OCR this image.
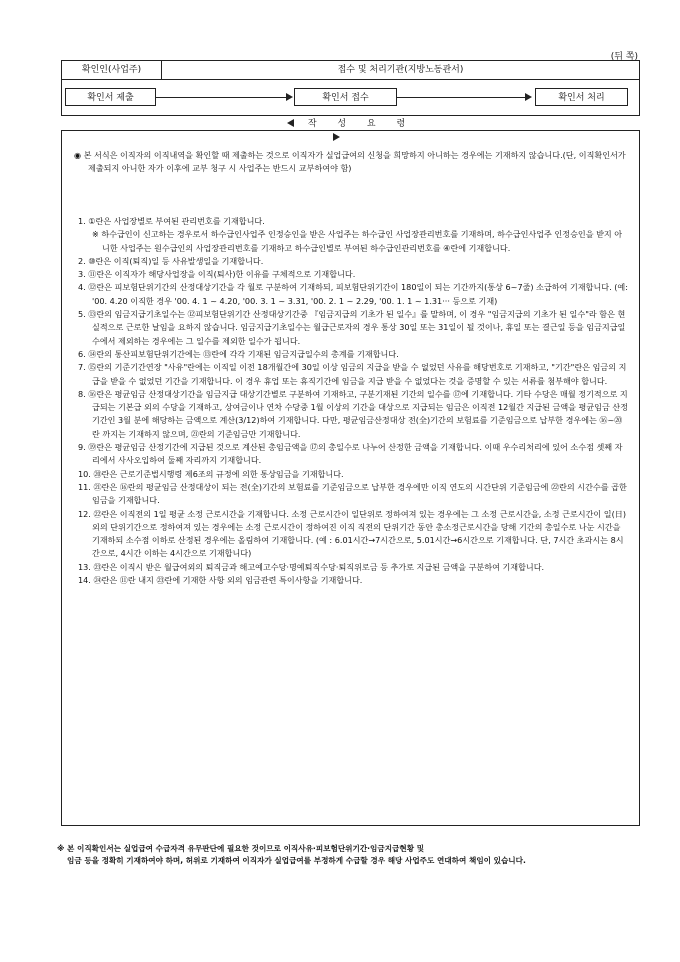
(뒤 쪽)
확인인(사업주)	접수 및 처리기관(지방노동관서)
확인서 제출	확인서 접수	확인서 처리
작 성 요 령
◉ 본 서식은 이직자의 이직내역을 확인할 때 제출하는 것으로 이직자가 실업급여의 신청을 희망하지 아니하는 경우에는 기재하지 않습니다.(단, 이직확인서가 제출되지 아니한 자가 이후에 교부 청구 시 사업주는 반드시 교부하여야 함)

1. ①란은 사업장별로 부여된 관리번호를 기재합니다.

※ 하수급인이 신고하는 경우로서 하수급인사업주 인정승인을 받은 사업주는 하수급인 사업장관리번호를 기재하며, 하수급인사업주 인정승인을 받지 아니한 사업주는 원수급인의 사업장관리번호를 기재하고 하수급인별로 부여된 하수급인관리번호를 ④란에 기재합니다.

2. ⑩란은 이직(퇴직)일 등 사유발생일을 기재합니다.

3. ⑪란은 이직자가 해당사업장을 이직(퇴사)한 이유를 구체적으로 기재합니다.

4. ⑫란은 피보험단위기간의 산정대상기간을 각 월로 구분하여 기재하되, 피보험단위기간이 180일이 되는 기간까지(통상 6~7줄) 소급하여 기재합니다. (예: '00. 4.20 이직한 경우 '00. 4. 1 ~ 4.20, '00. 3. 1 ~ 3.31, '00. 2. 1 ~ 2.29, '00. 1. 1 ~ 1.31··· 등으로 기재)

5. ⑬란의 임금지급기초일수는 ⑫피보험단위기간 산정대상기간중 『임금지급의 기초가 된 일수』를 말하며, 이 경우 "임금지급의 기초가 된 일수"라 함은 현실적으로 근로한 날임을 요하지 않습니다. 임금지급기초일수는 월급근로자의 경우 통상 30일 또는 31일이 될 것이나, 휴일 또는 결근일 등을 임금지급일수에서 제외하는 경우에는 그 일수를 제외한 일수가 됩니다.

6. ⑭란의 통산피보험단위기간에는 ⑬란에 각각 기재된 임금지급일수의 총계를 기재합니다.

7. ⑮란의 기준기간연장 "사유"란에는 이직일 이전 18개월간에 30일 이상 임금의 지급을 받을 수 없었던 사유를 해당번호로 기재하고, "기간"란은 임금의 지급을 받을 수 없었던 기간을 기재합니다. 이 경우 휴업 또는 휴직기간에 임금을 지급 받을 수 없었다는 것을 증명할 수 있는 서류를 첨부해야 합니다.

8. ⑯란은 평균임금 산정대상기간을 임금지급 대상기간별로 구분하여 기재하고, 구분기재된 기간의 일수를 ⑰에 기재합니다. 기타 수당은 매월 정기적으로 지급되는 기본급 외의 수당을 기재하고, 상여금이나 연차 수당중 1월 이상의 기간을 대상으로 지급되는 임금은 이직전 12월간 지급된 금액을 평균임금 산정기간인 3월 분에 해당하는 금액으로 계산(3/12)하여 기재합니다. 다만, 평균임금산정대상 전(全)기간의 보험료를 기준임금으로 납부한 경우에는 ⑯~⑳란 까지는 기재하지 않으며, ㉑란의 기준임금만 기재합니다.

9. ⑲란은 평균임금 산정기간에 지급된 것으로 계산된 총임금액을 ⑰의 총일수로 나누어 산정한 금액을 기재합니다. 이때 우수리처리에 있어 소수점 셋째 자리에서 사사오입하여 둘째 자리까지 기재합니다.

10. ⑳란은 근로기준법시행령 제6조의 규정에 의한 통상임금을 기재합니다.

11. ㉑란은 ⑯란의 평균임금 산정대상이 되는 전(全)기간의 보험료를 기준임금으로 납부한 경우에만 이직 연도의 시간단위 기준임금에 ㉒란의 시간수를 곱한 임금을 기재합니다.

12. ㉒란은 이직전의 1일 평균 소정 근로시간을 기재합니다. 소정 근로시간이 일단위로 정하여져 있는 경우에는 그 소정 근로시간을, 소정 근로시간이 일(日)외의 단위기간으로 정하여져 있는 경우에는 소정 근로시간이 정하여진 이직 직전의 단위기간 동안 총소정근로시간을 당해 기간의 총일수로 나눈 시간을 기재하되 소수점 이하로 산정된 경우에는 올림하여 기재합니다. (예 : 6.01시간→7시간으로, 5.01시간→6시간으로 기재합니다. 단, 7시간 초과시는 8시간으로, 4시간 이하는 4시간으로 기재합니다)

13. ㉓란은 이직시 받은 월급여외의 퇴직금과 해고예고수당·명예퇴직수당·퇴직위로금 등 추가로 지급된 금액을 구분하여 기재합니다.

14. ㉔란은 ⑪란 내지 ㉓란에 기재한 사항 외의 임금관련 특이사항을 기재합니다.

※ 본 이직확인서는 실업급여 수급자격 유무판단에 필요한 것이므로 이직사유·피보험단위기간·임금지급현황 및
임금 등을 정확히 기재하여야 하며, 허위로 기재하여 이직자가 실업급여를 부정하게 수급할 경우 해당 사업주도 연대하여 책임이 있습니다.
